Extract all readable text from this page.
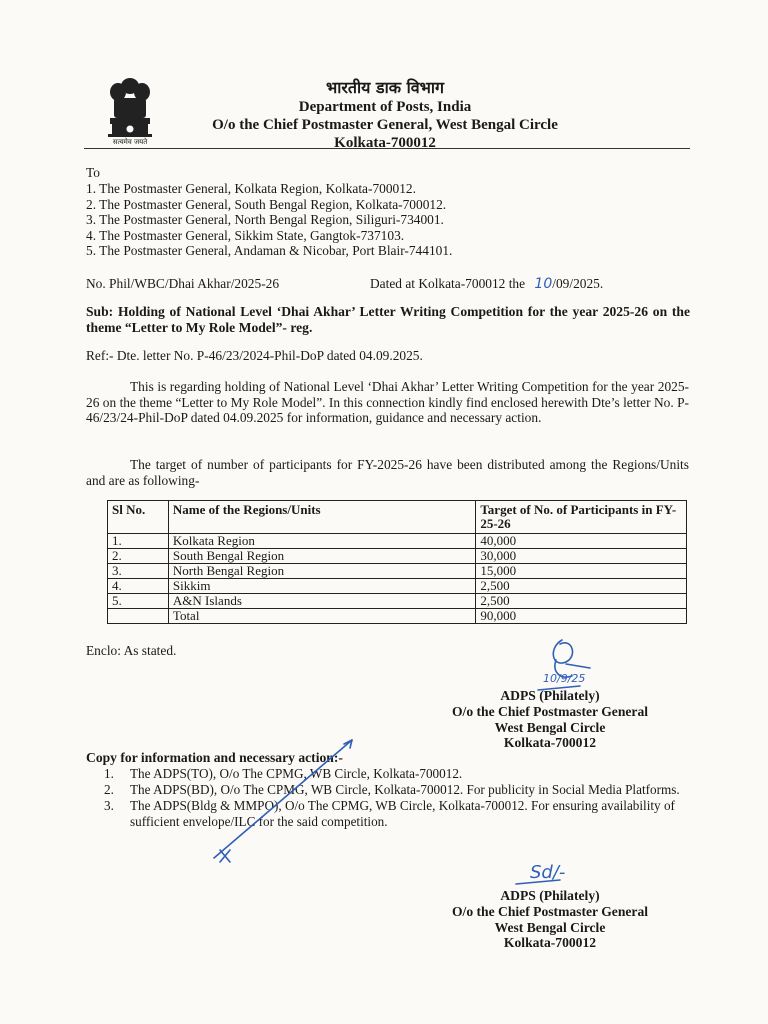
सत्यमेव जयते

भारतीय डाक विभाग

Department of Posts, India

O/o the Chief Postmaster General, West Bengal Circle

Kolkata-700012

To
1. The Postmaster General, Kolkata Region, Kolkata-700012.
2. The Postmaster General, South Bengal Region, Kolkata-700012.
3. The Postmaster General, North Bengal Region, Siliguri-734001.
4. The Postmaster General, Sikkim State, Gangtok-737103.
5. The Postmaster General, Andaman & Nicobar, Port Blair-744101.
No. Phil/WBC/Dhai Akhar/2025-26	Dated at Kolkata-700012 the 10/09/2025.
Sub: Holding of National Level ‘Dhai Akhar’ Letter Writing Competition for the year 2025-26 on the theme “Letter to My Role Model”- reg.
Ref:- Dte. letter No. P-46/23/2024-Phil-DoP dated 04.09.2025.
This is regarding holding of National Level ‘Dhai Akhar’ Letter Writing Competition for the year 2025-26 on the theme “Letter to My Role Model”. In this connection kindly find enclosed herewith Dte’s letter No. P-46/23/24-Phil-DoP dated 04.09.2025 for information, guidance and necessary action.
The target of number of participants for FY-2025-26 have been distributed among the Regions/Units and are as following-
Sl No.	Name of the Regions/Units	Target of No. of Participants in FY-25-26
1.	Kolkata Region	40,000
2.	South Bengal Region	30,000
3.	North Bengal Region	15,000
4.	Sikkim	2,500
5.	A&N Islands	2,500
	Total	90,000
Enclo: As stated.
10/9/25
ADPS (Philately)
O/o the Chief Postmaster General
West Bengal Circle
Kolkata-700012
Copy for information and necessary action:-
1. The ADPS(TO), O/o The CPMG, WB Circle, Kolkata-700012.
2. The ADPS(BD), O/o The CPMG, WB Circle, Kolkata-700012. For publicity in Social Media Platforms.
3. The ADPS(Bldg & MMPO), O/o The CPMG, WB Circle, Kolkata-700012. For ensuring availability of sufficient envelope/ILC for the said competition.
Sd/-
ADPS (Philately)
O/o the Chief Postmaster General
West Bengal Circle
Kolkata-700012
